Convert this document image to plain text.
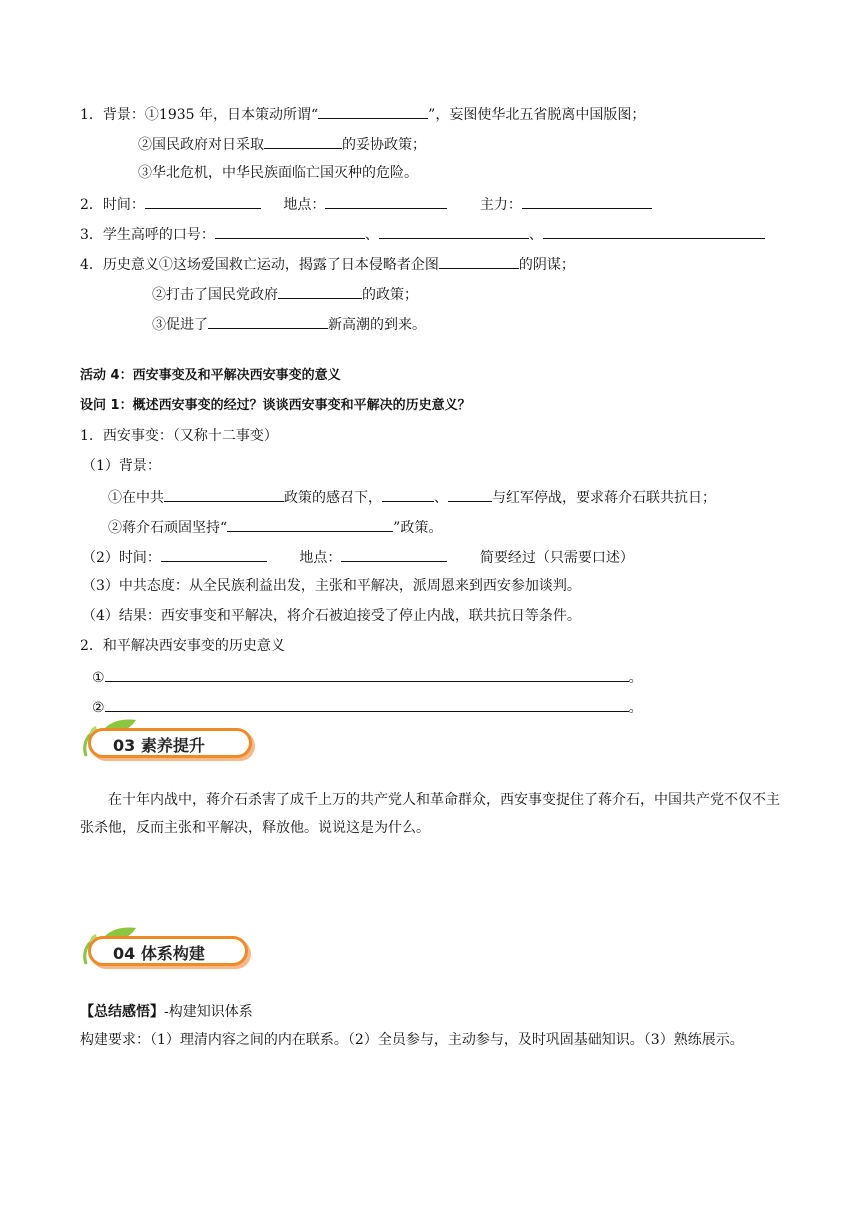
1．背景：①1935 年，日本策动所谓“	”，妄图使华北五省脱离中国版图；
②国民政府对日采取	的妥协政策；
③华北危机，中华民族面临亡国灭种的危险。
2．时间：	地点：	主力：
3．学生高呼的口号：	、	、
4．历史意义①这场爱国救亡运动，揭露了日本侵略者企图	的阴谋；
②打击了国民党政府	的政策；
③促进了	新高潮的到来。
活动 4：西安事变及和平解决西安事变的意义
设问 1：概述西安事变的经过？谈谈西安事变和平解决的历史意义？
1．西安事变：（又称十二事变）
（1）背景：
①在中共	政策的感召下，	、	与红军停战，要求蒋介石联共抗日；
②蒋介石顽固坚持“	”政策。
（2）时间：	地点：	简要经过（只需要口述）
（3）中共态度：从全民族利益出发，主张和平解决，派周恩来到西安参加谈判。
（4）结果：西安事变和平解决，将介石被迫接受了停止内战，联共抗日等条件。
2．和平解决西安事变的历史意义
①	。
②	。
03 素养提升
在十年内战中，蒋介石杀害了成千上万的共产党人和革命群众，西安事变捉住了蒋介石，中国共产党不仅不主张杀他，反而主张和平解决，释放他。说说这是为什么。
04 体系构建
【总结感悟】-构建知识体系
构建要求：（1）理清内容之间的内在联系。（2）全员参与，主动参与，及时巩固基础知识。（3）熟练展示。
